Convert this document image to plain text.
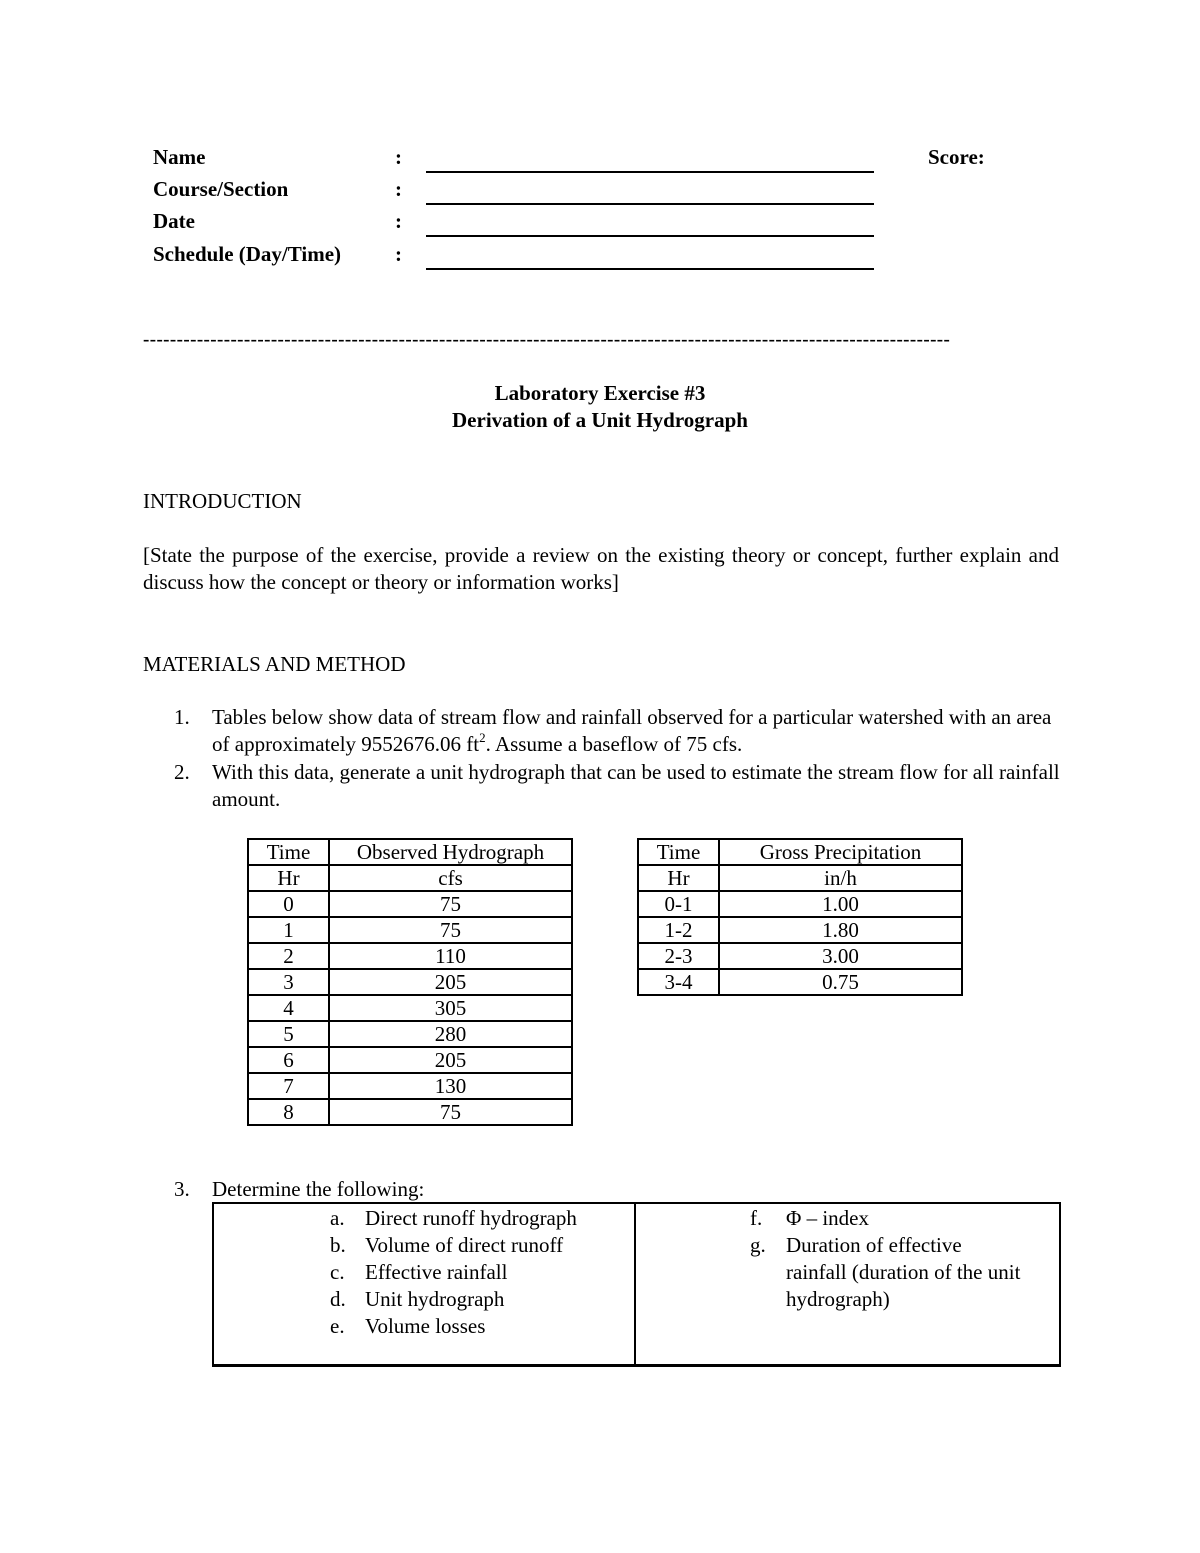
Name	:
Course/Section	:
Date	:
Schedule (Day/Time)	:
Score:
------------------------------------------------------------------------------------------------------------------------
Laboratory Exercise #3
Derivation of a Unit Hydrograph
INTRODUCTION
[State the purpose of the exercise, provide a review on the existing theory or concept, further explain and discuss how the concept or theory or information works]
MATERIALS AND METHOD
1. Tables below show data of stream flow and rainfall observed for a particular watershed with an area of approximately 9552676.06 $ft^2$. Assume a baseflow of 75 cfs.
2. With this data, generate a unit hydrograph that can be used to estimate the stream flow for all rainfall amount.
Time	Observed Hydrograph
Hr	cfs
0	75
1	75
2	110
3	205
4	305
5	280
6	205
7	130
8	75
Time	Gross Precipitation
Hr	in/h
0-1	1.00
1-2	1.80
2-3	3.00
3-4	0.75
3. Determine the following:
a. Direct runoff hydrograph
b. Volume of direct runoff
c. Effective rainfall
d. Unit hydrograph
e. Volume losses
f. Φ – index
g. Duration of effective rainfall (duration of the unit hydrograph)
